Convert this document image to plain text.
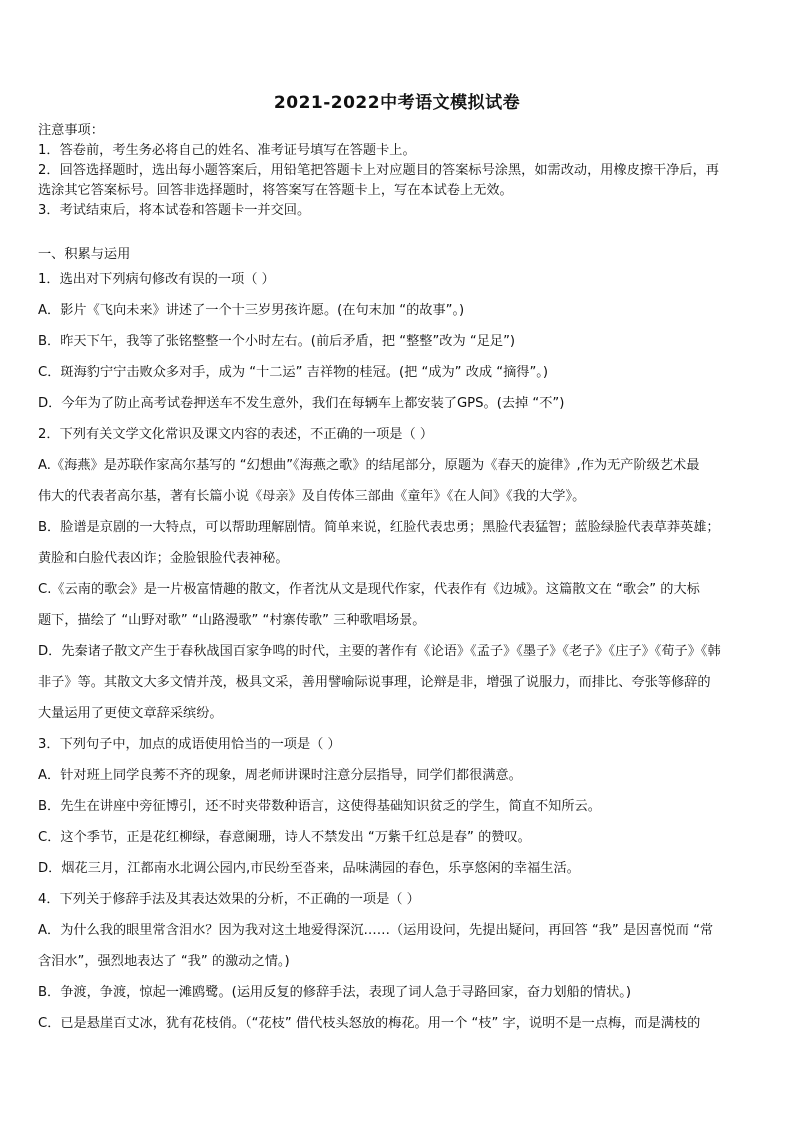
2021-2022中考语文模拟试卷
注意事项：
1．答卷前，考生务必将自己的姓名、准考证号填写在答题卡上。
2．回答选择题时，选出每小题答案后，用铅笔把答题卡上对应题目的答案标号涂黑，如需改动，用橡皮擦干净后，再
选涂其它答案标号。回答非选择题时，将答案写在答题卡上，写在本试卷上无效。
3．考试结束后，将本试卷和答题卡一并交回。
一、积累与运用
1．选出对下列病句修改有误的一项（ ）
A．影片《飞向未来》讲述了一个十三岁男孩许愿。(在句末加 “的故事”。)
B．昨天下午，我等了张铭整整一个小时左右。(前后矛盾，把 “整整”改为 “足足”)
C．斑海豹宁宁击败众多对手，成为 “十二运” 吉祥物的桂冠。(把 “成为” 改成 “摘得”。)
D．今年为了防止高考试卷押送车不发生意外，我们在每辆车上都安装了GPS。(去掉 “不”)
2．下列有关文学文化常识及课文内容的表述，不正确的一项是（ ）
A.《海燕》是苏联作家高尔基写的 “幻想曲”《海燕之歌》的结尾部分，原题为《春天的旋律》,作为无产阶级艺术最
伟大的代表者高尔基，著有长篇小说《母亲》及自传体三部曲《童年》《在人间》《我的大学》。
B．脸谱是京剧的一大特点，可以帮助理解剧情。简单来说，红脸代表忠勇；黑脸代表猛智；蓝脸绿脸代表草莽英雄；
黄脸和白脸代表凶诈；金脸银脸代表神秘。
C.《云南的歌会》是一片极富情趣的散文，作者沈从文是现代作家，代表作有《边城》。这篇散文在 “歌会” 的大标
题下，描绘了 “山野对歌” “山路漫歌” “村寨传歌” 三种歌唱场景。
D．先秦诸子散文产生于春秋战国百家争鸣的时代，主要的著作有《论语》《孟子》《墨子》《老子》《庄子》《荀子》《韩
非子》等。其散文大多文情并茂，极具文采，善用譬喻际说事理，论辩是非，增强了说服力，而排比、夸张等修辞的
大量运用了更使文章辞采缤纷。
3．下列句子中，加点的成语使用恰当的一项是（ ）
A．针对班上同学良莠不齐的现象，周老师讲课时注意分层指导，同学们都很满意。
B．先生在讲座中旁征博引，还不时夹带数种语言，这使得基础知识贫乏的学生，简直不知所云。
C．这个季节，正是花红柳绿，春意阑珊，诗人不禁发出 “万紫千红总是春” 的赞叹。
D．烟花三月，江都南水北调公园内,市民纷至沓来，品味满园的春色，乐享悠闲的幸福生活。
4．下列关于修辞手法及其表达效果的分析，不正确的一项是（ ）
A．为什么我的眼里常含泪水？因为我对这土地爱得深沉……（运用设问，先提出疑问，再回答 “我” 是因喜悦而 “常
含泪水”，强烈地表达了 “我” 的激动之情。)
B．争渡，争渡，惊起一滩鸥鹭。(运用反复的修辞手法，表现了词人急于寻路回家，奋力划船的情状。)
C．已是悬崖百丈冰，犹有花枝俏。（“花枝” 借代枝头怒放的梅花。用一个 “枝” 字，说明不是一点梅，而是满枝的
